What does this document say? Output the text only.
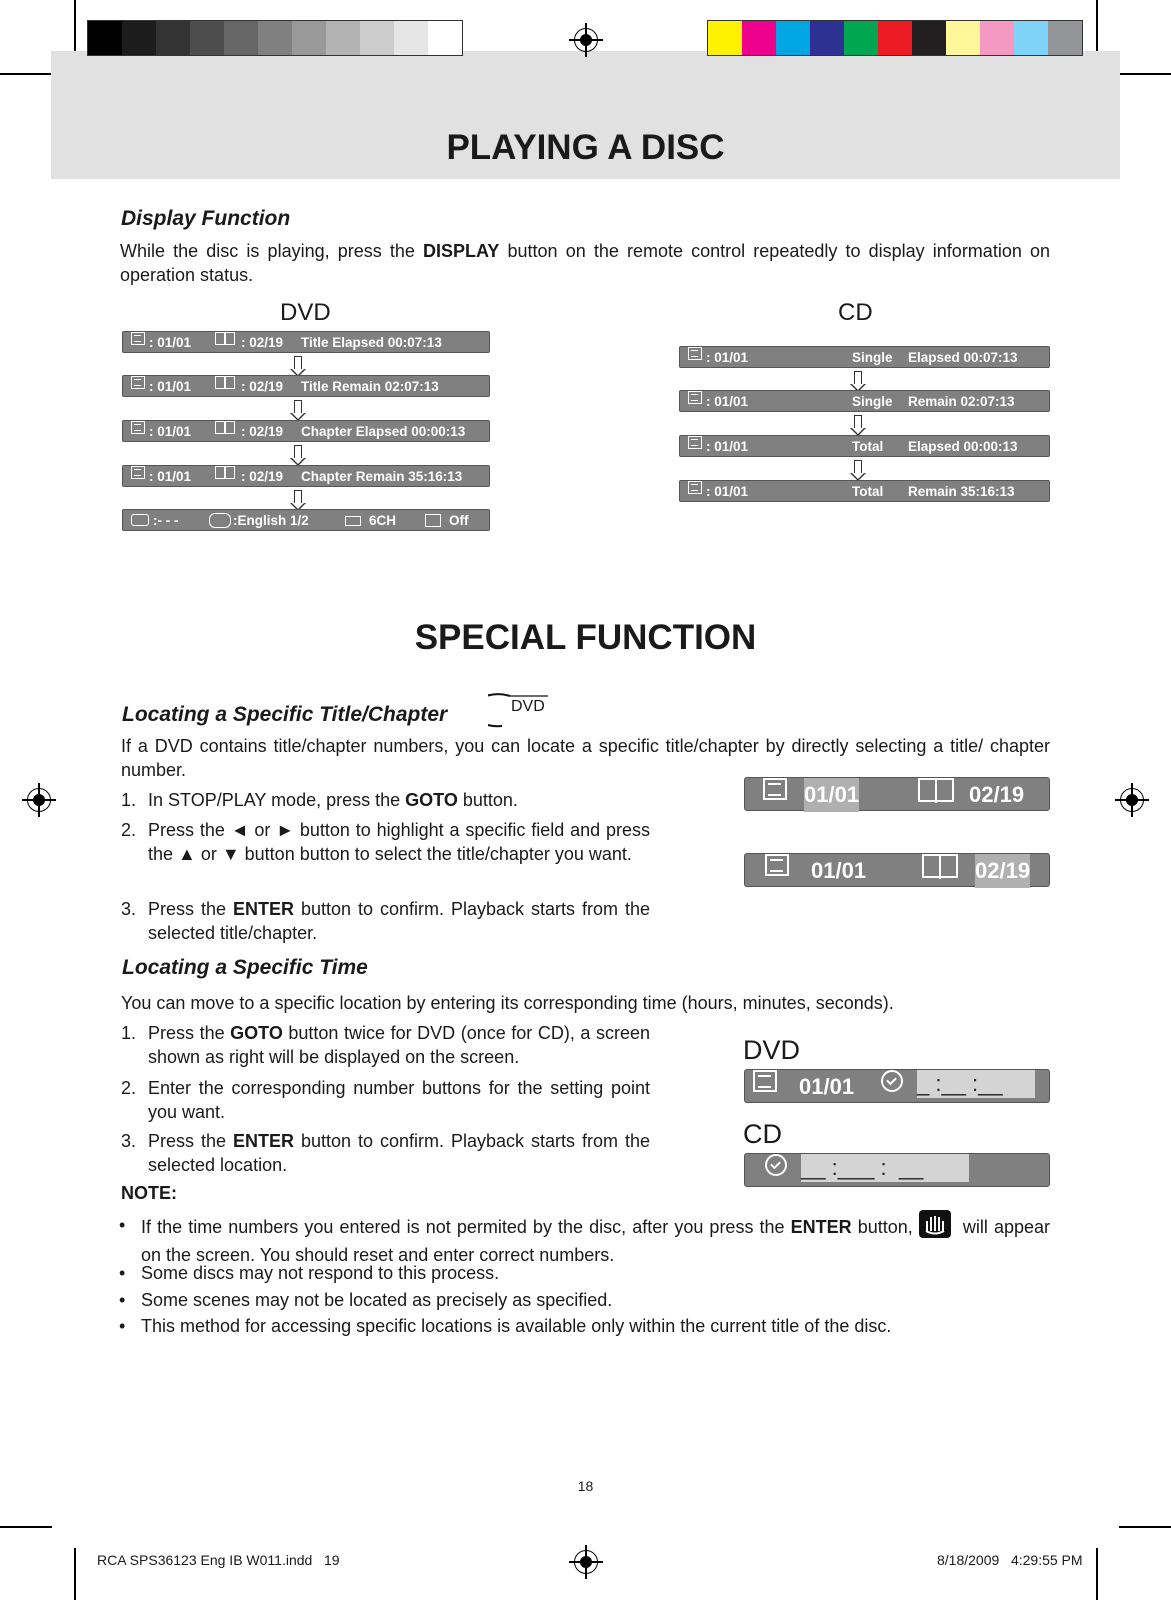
PLAYING A DISC
Display Function
While the disc is playing, press the DISPLAY button on the remote control repeatedly to display information on operation status.
DVD	CD
: 01/01	: 02/19 Title Elapsed 00:07:13
: 01/01	: 02/19 Title Remain 02:07:13
: 01/01	: 02/19 Chapter Elapsed 00:00:13
: 01/01	: 02/19 Chapter Remain 35:16:13
:- - -	:English 1/2	6CH	Off
: 01/01	Single Elapsed 00:07:13
: 01/01	Single Remain 02:07:13
: 01/01	Total Elapsed 00:00:13
: 01/01	Total Remain 35:16:13
SPECIAL FUNCTION
Locating a Specific Title/Chapter	DVD
If a DVD contains title/chapter numbers, you can locate a specific title/chapter by directly selecting a title/ chapter number.
1. In STOP/PLAY mode, press the GOTO button.
2. Press the ◄ or ► button to highlight a specific field and press the ▲ or ▼ button button to select the title/chapter you want.
3. Press the ENTER button to confirm. Playback starts from the selected title/chapter.
01/01	02/19
01/01	02/19
Locating a Specific Time
You can move to a specific location by entering its corresponding time (hours, minutes, seconds).
1. Press the GOTO button twice for DVD (once for CD), a screen shown as right will be displayed on the screen.
2. Enter the corresponding number buttons for the setting point you want.
3. Press the ENTER button to confirm. Playback starts from the selected location.
DVD
01/01	_ :__ :__
CD
__ :___ :  __
NOTE:
• If the time numbers you entered is not permited by the disc, after you press the ENTER button, will appear on the screen. You should reset and enter correct numbers.
• Some discs may not respond to this process.
• Some scenes may not be located as precisely as specified.
• This method for accessing specific locations is available only within the current title of the disc.
18
RCA SPS36123 Eng IB W011.indd   19	8/18/2009   4:29:55 PM
